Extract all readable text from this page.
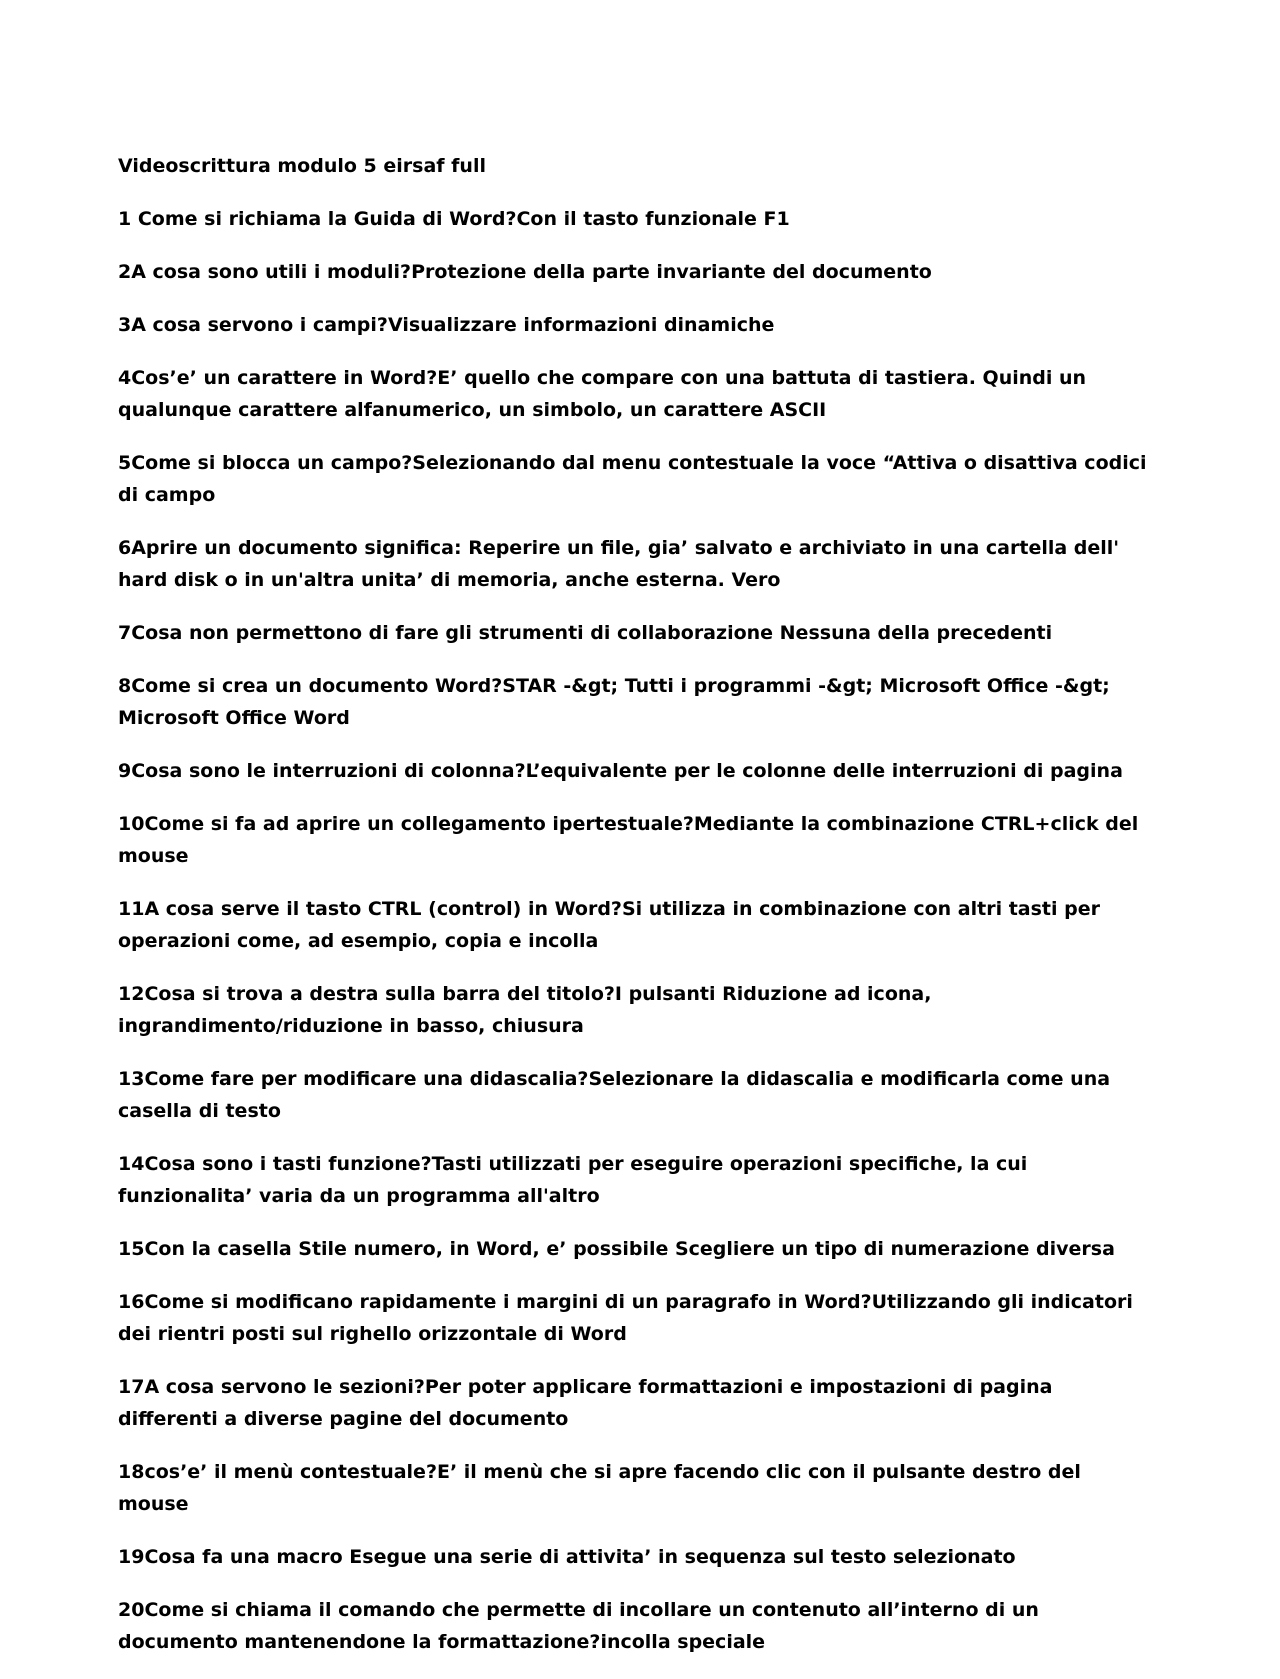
Videoscrittura modulo 5 eirsaf full

1 Come si richiama la Guida di Word?Con il tasto funzionale F1

2A cosa sono utili i moduli?Protezione della parte invariante del documento

3A cosa servono i campi?Visualizzare informazioni dinamiche

4Cos’e’ un carattere in Word?E’ quello che compare con una battuta di tastiera. Quindi un qualunque carattere alfanumerico, un simbolo, un carattere ASCII

5Come si blocca un campo?Selezionando dal menu contestuale la voce “Attiva o disattiva codici di campo

6Aprire un documento significa: Reperire un file, gia’ salvato e archiviato in una cartella dell' hard disk o in un'altra unita’ di memoria, anche esterna. Vero

7Cosa non permettono di fare gli strumenti di collaborazione Nessuna della precedenti

8Come si crea un documento Word?STAR -&gt; Tutti i programmi -&gt; Microsoft Office -&gt; Microsoft Office Word

9Cosa sono le interruzioni di colonna?L’equivalente per le colonne delle interruzioni di pagina

10Come si fa ad aprire un collegamento ipertestuale?Mediante la combinazione CTRL+click del mouse

11A cosa serve il tasto CTRL (control) in Word?Si utilizza in combinazione con altri tasti per operazioni come, ad esempio, copia e incolla

12Cosa si trova a destra sulla barra del titolo?I pulsanti Riduzione ad icona, ingrandimento/riduzione in basso, chiusura

13Come fare per modificare una didascalia?Selezionare la didascalia e modificarla come una casella di testo

14Cosa sono i tasti funzione?Tasti utilizzati per eseguire operazioni specifiche, la cui funzionalita’ varia da un programma all'altro

15Con la casella Stile numero, in Word, e’ possibile Scegliere un tipo di numerazione diversa

16Come si modificano rapidamente i margini di un paragrafo in Word?Utilizzando gli indicatori dei rientri posti sul righello orizzontale di Word

17A cosa servono le sezioni?Per poter applicare formattazioni e impostazioni di pagina differenti a diverse pagine del documento

18cos’e’ il menù contestuale?E’ il menù che si apre facendo clic con il pulsante destro del mouse

19Cosa fa una macro Esegue una serie di attivita’ in sequenza sul testo selezionato

20Come si chiama il comando che permette di incollare un contenuto all’interno di un documento mantenendone la formattazione?incolla speciale
